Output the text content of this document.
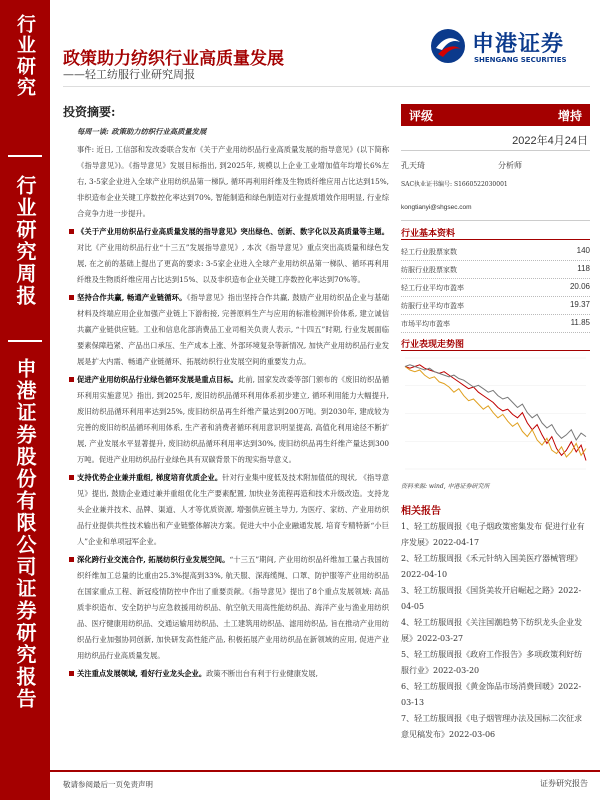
行业研究
行业研究周报
申港证券股份有限公司证券研究报告
政策助力纺织行业高质量发展
——轻工纺服行业研究周报
申港证券
SHENGANG SECURITIES
投资摘要:

每周一谈: 政策助力纺织行业高质量发展

事件: 近日, 工信部和发改委联合发布《关于产业用纺织品行业高质量发展的指导意见》(以下简称《指导意见》)。《指导意见》发展目标指出, 到2025年, 规模以上企业工业增加值年均增长6%左右, 3-5家企业进入全球产业用纺织品第一梯队, 循环再利用纤维及生物质纤维应用占比达到15%, 非织造布企业关键工序数控化率达到70%, 智能制造和绿色制造对行业提质增效作用明显, 行业综合竞争力进一步提升。

《关于产业用纺织品行业高质量发展的指导意见》突出绿色、创新、数字化以及高质量等主题。对比《产业用纺织品行业“十三五”发展指导意见》, 本次《指导意见》重点突出高质量和绿色发展, 在之前的基础上提出了更高的要求: 3-5家企业进入全球产业用纺织品第一梯队、循环再利用纤维及生物质纤维应用占比达到15%、以及非织造布企业关键工序数控化率达到70%等。

坚持合作共赢, 畅通产业链循环。《指导意见》指出坚持合作共赢, 鼓励产业用纺织品企业与基础材料及终端应用企业加强产业链上下游衔接, 完善原料生产与应用的标准检测评价体系, 建立诚信共赢产业链供应链。工业和信息化部消费品工业司相关负责人表示, “十四五”时期, 行业发展面临要素保障趋紧、产品出口承压、生产成本上涨、外部环境复杂等新情况, 加快产业用纺织品行业发展是扩大内需、畅通产业链循环、拓展纺织行业发展空间的重要发力点。

促进产业用纺织品行业绿色循环发展是重点目标。此前, 国家发改委等部门颁布的《废旧纺织品循环利用实施意见》指出, 到2025年, 废旧纺织品循环利用体系初步建立, 循环利用能力大幅提升, 废旧纺织品循环利用率达到25%, 废旧纺织品再生纤维产量达到200万吨。到2030年, 建成较为完善的废旧纺织品循环利用体系, 生产者和消费者循环利用意识明显提高, 高值化利用途径不断扩展, 产业发展水平显著提升, 废旧纺织品循环利用率达到30%, 废旧纺织品再生纤维产量达到300万吨。促进产业用纺织品行业绿色具有双碳背景下的现实指导意义。

支持优势企业兼并重组, 梯度培育优质企业。针对行业集中度低及技术附加值低的现状, 《指导意见》提出, 鼓励企业通过兼并重组优化生产要素配置, 加快业务流程再造和技术升级改造。支持龙头企业兼并技术、品牌、渠道、人才等优质资源, 增强供应链主导力, 为医疗、家纺、产业用纺织品行业提供共性技术输出和产业链整体解决方案。促进大中小企业融通发展, 培育专精特新“小巨人”企业和单项冠军企业。

深化跨行业交流合作, 拓展纺织行业发展空间。“十三五”期间, 产业用纺织品纤维加工量占我国纺织纤维加工总量的比重由25.3%提高到33%, 航天服、深海缆绳、口罩、防护服等产业用纺织品在国家重点工程、新冠疫情防控中作出了重要贡献。《指导意见》提出了8个重点发展领域: 高品质非织造布、安全防护与应急救援用纺织品、航空航天用高性能纺织品、海洋产业与渔业用纺织品、医疗健康用纺织品、交通运输用纺织品、土工建筑用纺织品、滤用纺织品, 旨在推动产业用纺织品行业加强协同创新, 加快研发高性能产品, 积极拓展产业用纺织品在新领域的应用, 促进产业用纺织品行业高质量发展。

关注重点发展领域, 看好行业龙头企业。政策不断出台有利于行业健康发展,

评级	增持
2022年4月24日
孔天琦	分析师
SAC执业证书编号: S1660522030001
kongtianyi@shgsec.com
行业基本资料
轻工行业股票家数	140
纺服行业股票家数	118
轻工行业平均市盈率	20.06
纺服行业平均市盈率	19.37
市场平均市盈率	11.85
行业表现走势图
资料来源: wind, 申港证券研究所
相关报告
1、轻工纺服周报《电子烟政策密集发布 促进行业有序发展》2022-04-17
2、轻工纺服周报《禾元针纳入国美医疗器械管理》2022-04-10
3、轻工纺服周报《国货美妆开启崛起之路》2022-04-05
4、轻工纺服周报《关注国潮趋势下纺织龙头企业发展》2022-03-27
5、轻工纺服周报《政府工作报告》多项政策利好纺服行业》2022-03-20
6、轻工纺服周报《黄金饰品市场消费回暖》2022-03-13
7、轻工纺服周报《电子烟管理办法及国标二次征求意见稿发布》2022-03-06
敬请参阅最后一页免责声明	证券研究报告
